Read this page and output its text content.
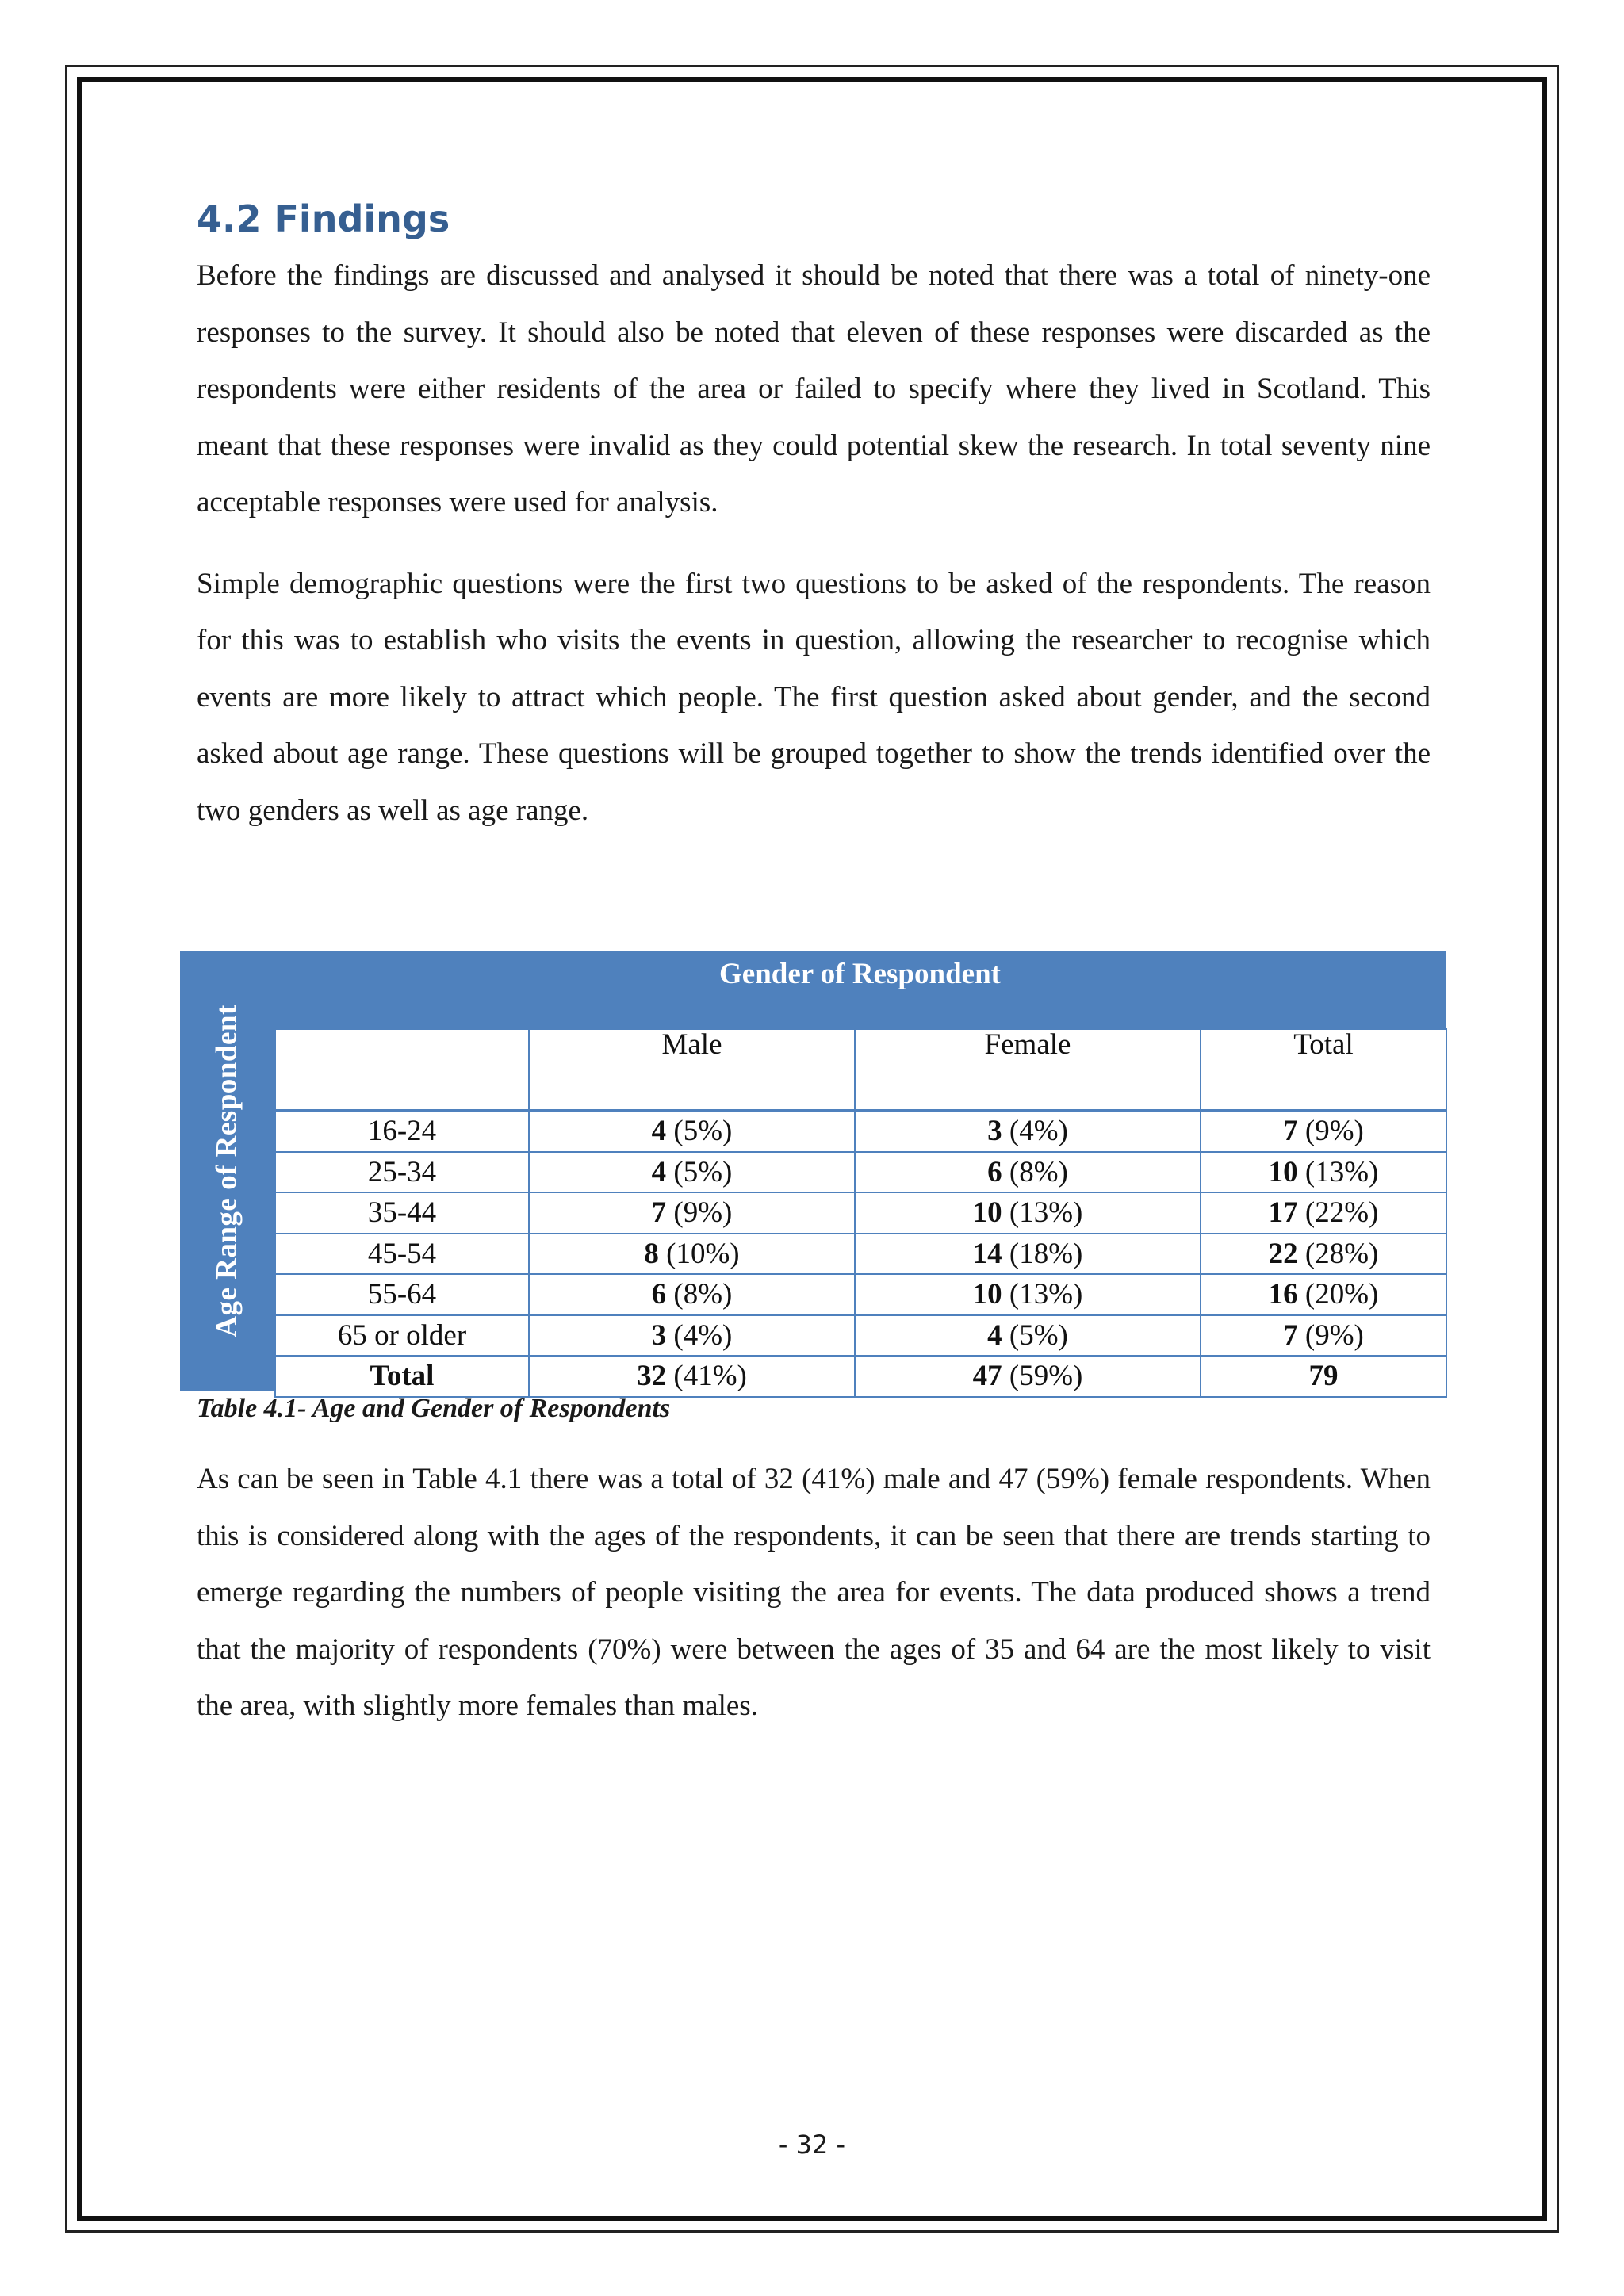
4.2 Findings

Before the findings are discussed and analysed it should be noted that there was a total of ninety-one responses to the survey. It should also be noted that eleven of these responses were discarded as the respondents were either residents of the area or failed to specify where they lived in Scotland. This meant that these responses were invalid as they could potential skew the research. In total seventy nine acceptable responses were used for analysis.

Simple demographic questions were the first two questions to be asked of the respondents. The reason for this was to establish who visits the events in question, allowing the researcher to recognise which events are more likely to attract which people. The first question asked about gender, and the second asked about age range. These questions will be grouped together to show the trends identified over the two genders as well as age range.

Age Range of Respondent
Gender of Respondent
	Male	Female	Total
16-24	4 (5%)	3 (4%)	7 (9%)
25-34	4 (5%)	6 (8%)	10 (13%)
35-44	7 (9%)	10 (13%)	17 (22%)
45-54	8 (10%)	14 (18%)	22 (28%)
55-64	6 (8%)	10 (13%)	16 (20%)
65 or older	3 (4%)	4 (5%)	7 (9%)
Total	32 (41%)	47 (59%)	79
Table 4.1- Age and Gender of Respondents

As can be seen in Table 4.1 there was a total of 32 (41%) male and 47 (59%) female respondents. When this is considered along with the ages of the respondents, it can be seen that there are trends starting to emerge regarding the numbers of people visiting the area for events. The data produced shows a trend that the majority of respondents (70%) were between the ages of 35 and 64 are the most likely to visit the area, with slightly more females than males.

- 32 -
